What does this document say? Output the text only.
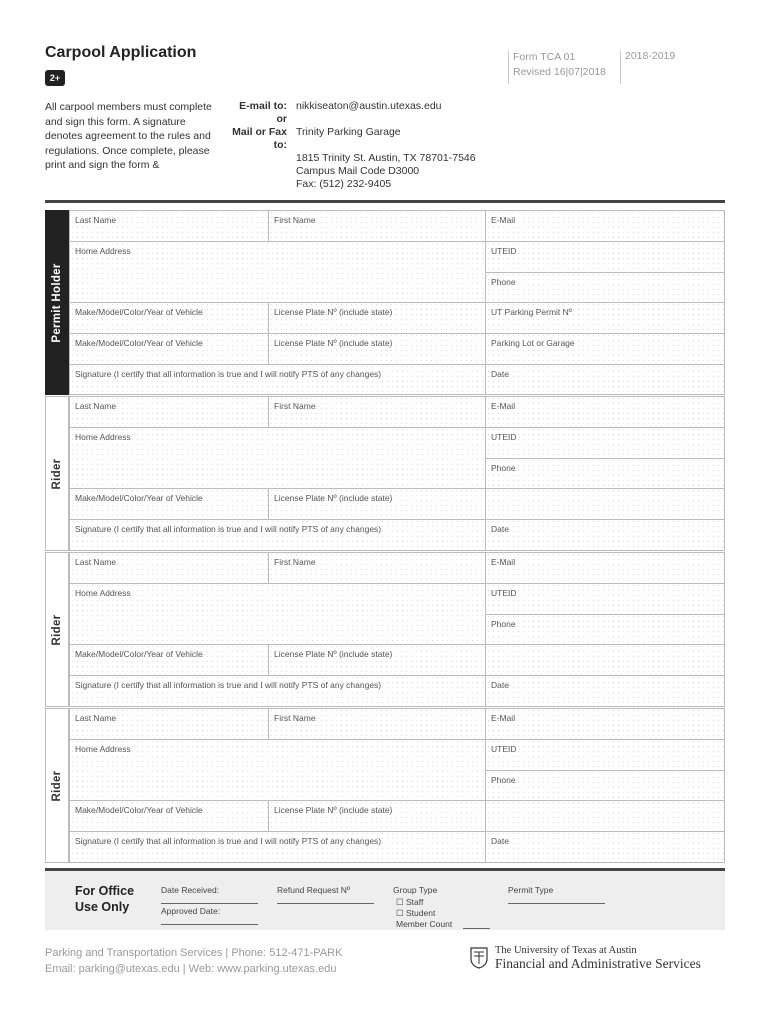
Carpool Application
2+
Form TCA 01
Revised 16|07|2018
2018-2019
All carpool members must complete and sign this form. A signature denotes agreement to the rules and regulations. Once complete, please print and sign the form &
E-mail to: nikkiseaton@austin.utexas.edu
or
Mail or Fax to:
Trinity Parking Garage
1815 Trinity St. Austin, TX 78701-7546
Campus Mail Code D3000
Fax: (512) 232-9405
Permit Holder
Last Name	First Name	E-Mail
Home Address	UTEID
Phone
Make/Model/Color/Year of Vehicle	License Plate Nº (include state)	UT Parking Permit Nº
Make/Model/Color/Year of Vehicle	License Plate Nº (include state)	Parking Lot or Garage
Signature (I certify that all information is true and I will notify PTS of any changes)	Date
Rider
Last Name	First Name	E-Mail
Home Address	UTEID
Phone
Make/Model/Color/Year of Vehicle	License Plate Nº (include state)
Signature (I certify that all information is true and I will notify PTS of any changes)	Date
Rider
Last Name	First Name	E-Mail
Home Address	UTEID
Phone
Make/Model/Color/Year of Vehicle	License Plate Nº (include state)
Signature (I certify that all information is true and I will notify PTS of any changes)	Date
Rider
Last Name	First Name	E-Mail
Home Address	UTEID
Phone
Make/Model/Color/Year of Vehicle	License Plate Nº (include state)
Signature (I certify that all information is true and I will notify PTS of any changes)	Date
For Office
Use Only
Date Received:
Approved Date:
Refund Request Nº	Group Type
☐ Staff
☐ Student
Member Count
Permit Type
Parking and Transportation Services | Phone: 512-471-PARK
Email: parking@utexas.edu | Web: www.parking.utexas.edu
The University of Texas at Austin
Financial and Administrative Services
